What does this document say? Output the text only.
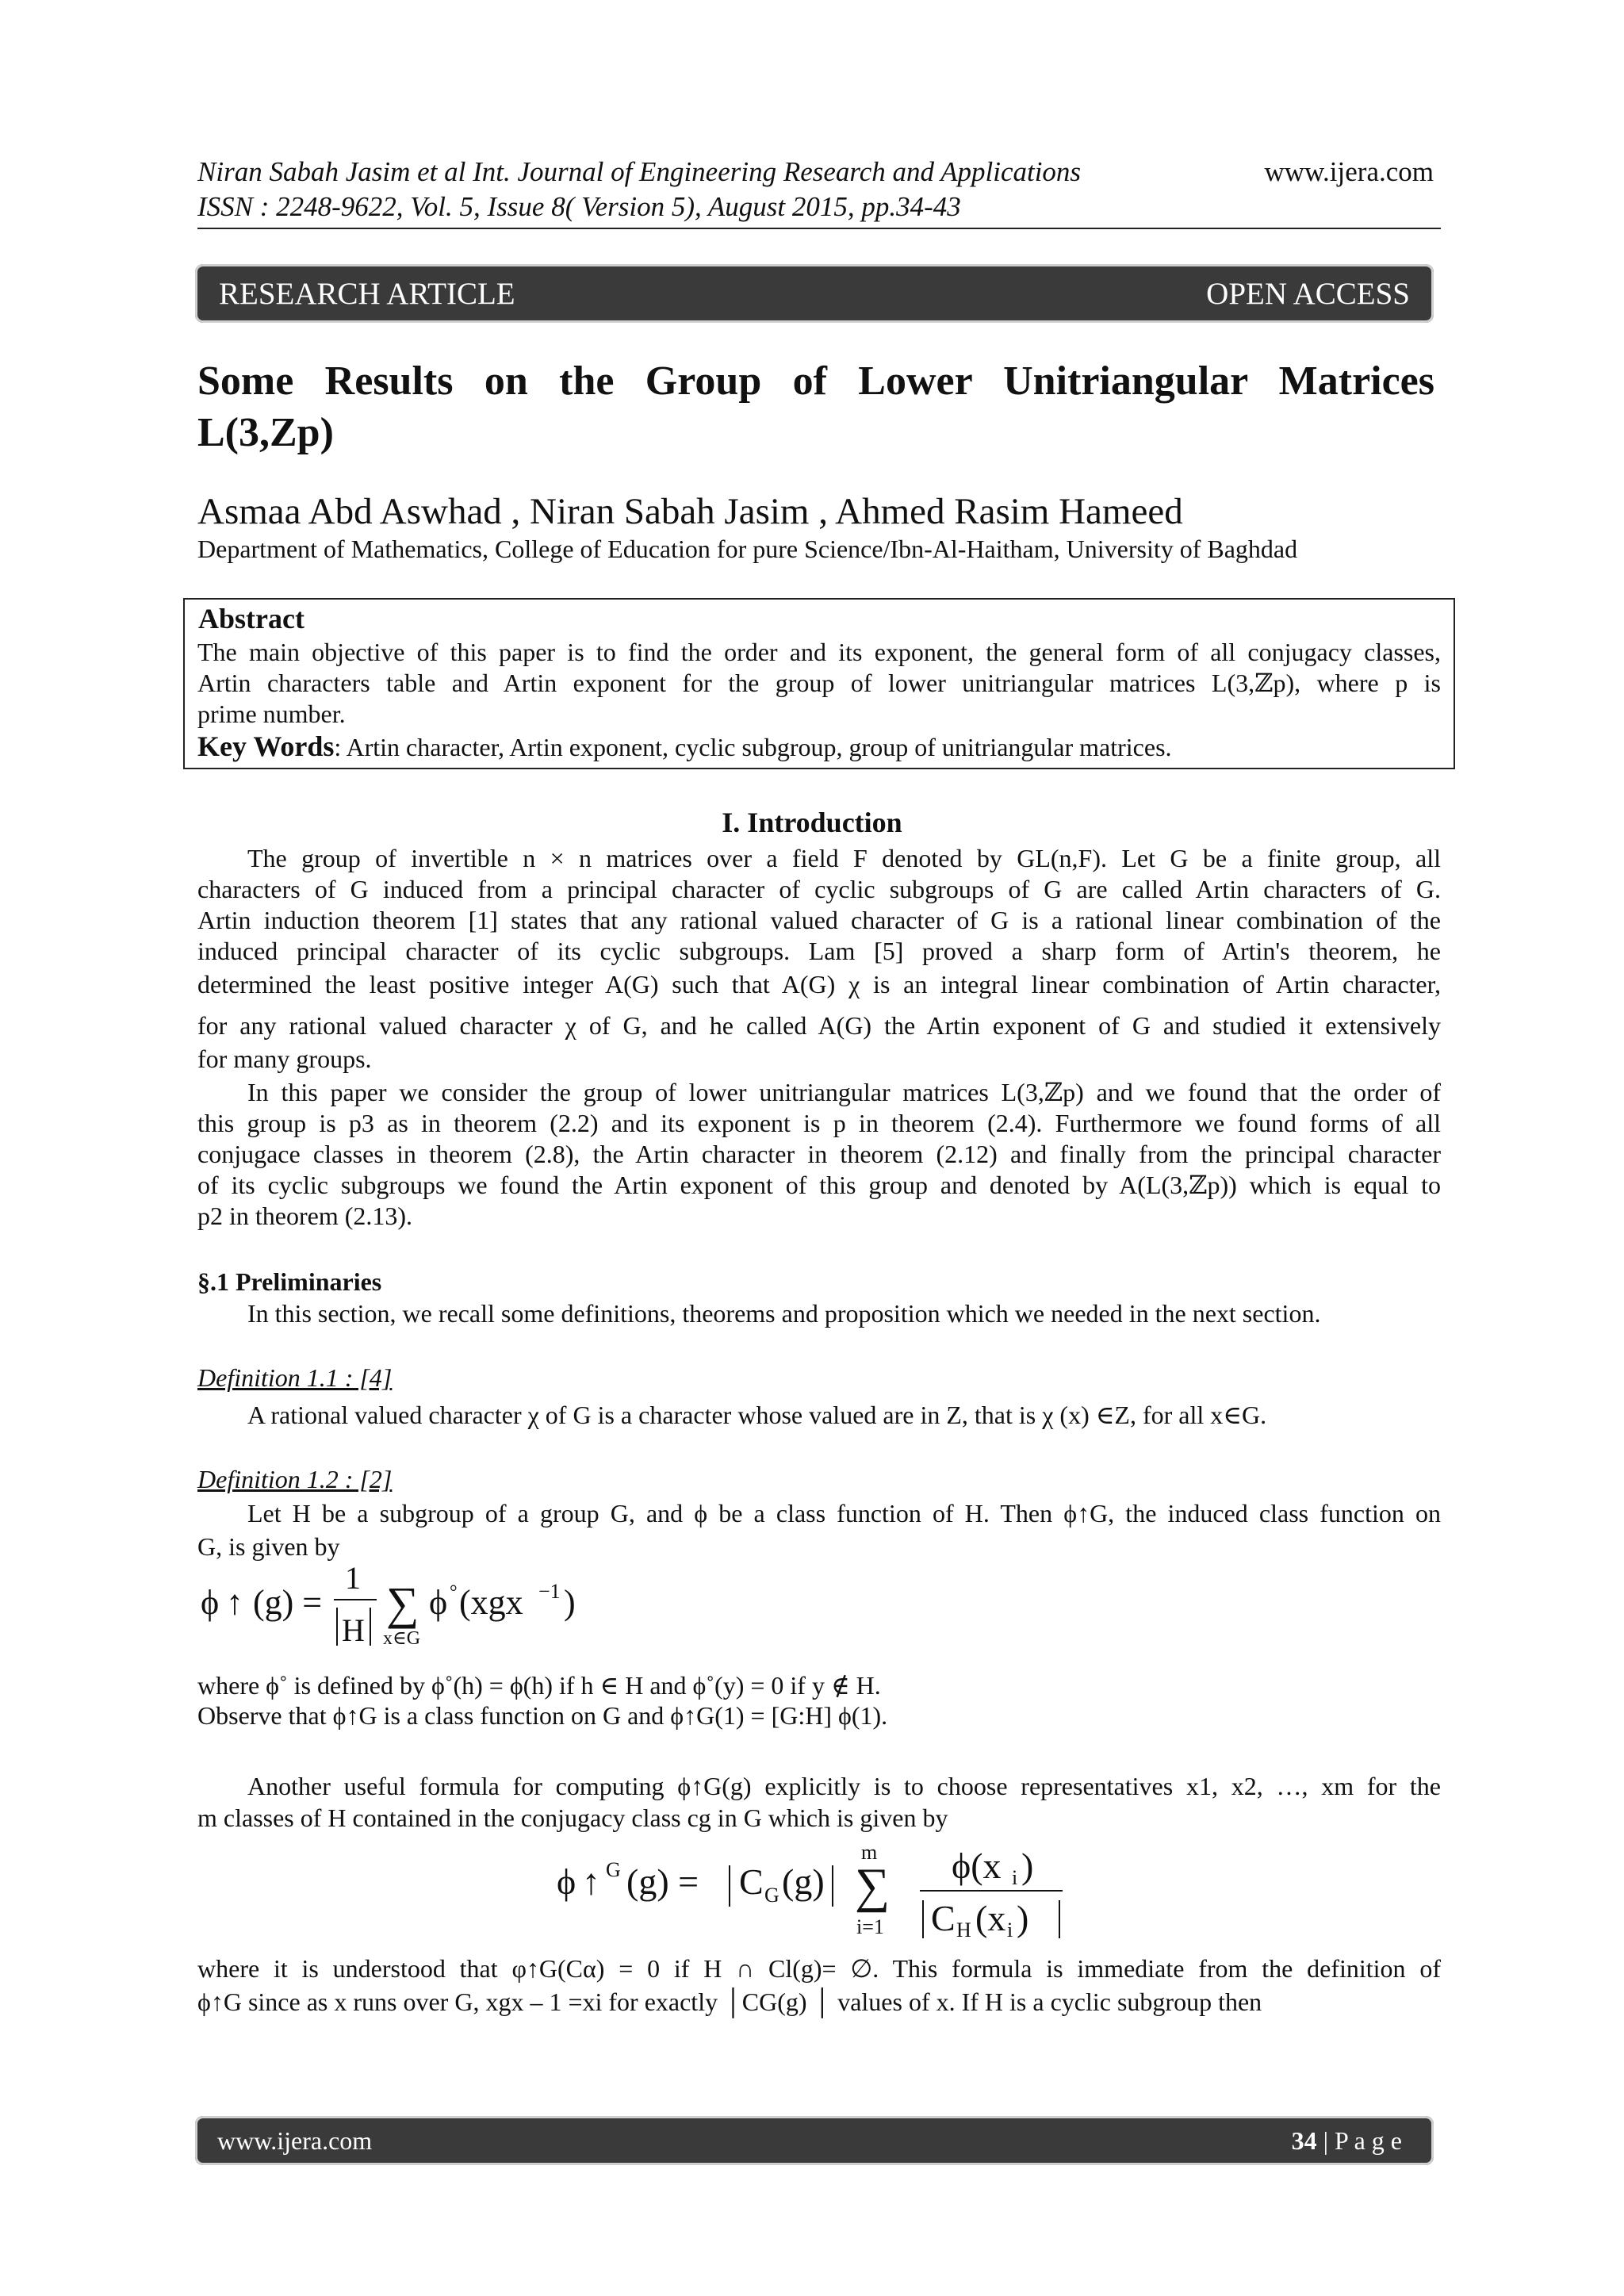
Niran Sabah Jasim et al Int. Journal of Engineering Research and Applications
ISSN : 2248-9622, Vol. 5, Issue 8( Version 5), August 2015, pp.34-43
www.ijera.com
RESEARCH ARTICLE	OPEN ACCESS
Some Results on the Group of Lower Unitriangular Matrices
L(3,Zp)
Asmaa Abd Aswhad , Niran Sabah Jasim , Ahmed Rasim Hameed
Department of Mathematics, College of Education for pure Science/Ibn-Al-Haitham, University of Baghdad
Abstract
The main objective of this paper is to find the order and its exponent, the general form of all conjugacy classes,
Artin characters table and Artin exponent for the group of lower unitriangular matrices L(3,ℤp), where p is
prime number.
Key Words: Artin character, Artin exponent, cyclic subgroup, group of unitriangular matrices.
I. Introduction
The group of invertible n × n matrices over a field F denoted by GL(n,F). Let G be a finite group, all
characters of G induced from a principal character of cyclic subgroups of G are called Artin characters of G.
Artin induction theorem [1] states that any rational valued character of G is a rational linear combination of the
induced principal character of its cyclic subgroups. Lam [5] proved a sharp form of Artin's theorem, he
determined the least positive integer A(G) such that A(G) χ is an integral linear combination of Artin character,
for any rational valued character χ of G, and he called A(G) the Artin exponent of G and studied it extensively
for many groups.
In this paper we consider the group of lower unitriangular matrices L(3,ℤp) and we found that the order of
this group is p3 as in theorem (2.2) and its exponent is p in theorem (2.4). Furthermore we found forms of all
conjugace classes in theorem (2.8), the Artin character in theorem (2.12) and finally from the principal character
of its cyclic subgroups we found the Artin exponent of this group and denoted by A(L(3,ℤp)) which is equal to
p2 in theorem (2.13).
§.1 Preliminaries
In this section, we recall some definitions, theorems and proposition which we needed in the next section.
Definition 1.1 : [4]
A rational valued character χ of G is a character whose valued are in Z, that is χ (x) ∈Z, for all x∈G.
Definition 1.2 : [2]
Let H be a subgroup of a group G, and ϕ be a class function of H. Then ϕ↑G, the induced class function on
G, is given by
ϕ ↑ (g) =
1
H
∑
x∈G
ϕ ° (xgx −1 )
where ϕ˚ is defined by ϕ˚(h) = ϕ(h) if h ∈ H and ϕ˚(y) = 0 if y ∉ H.
Observe that ϕ↑G is a class function on G and ϕ↑G(1) = [G:H] ϕ(1).
Another useful formula for computing ϕ↑G(g) explicitly is to choose representatives x1, x2, …, xm for the
m classes of H contained in the conjugacy class cg in G which is given by
ϕ ↑ G (g) = C G (g)
m
∑
i=1
ϕ(x i )
C H (x i )
where it is understood that φ↑G(Cα) = 0 if H ∩ Cl(g)= ∅. This formula is immediate from the definition of
ϕ↑G since as x runs over G, xgx – 1 =xi for exactly │CG(g) │ values of x. If H is a cyclic subgroup then
www.ijera.com	34 | P a g e
